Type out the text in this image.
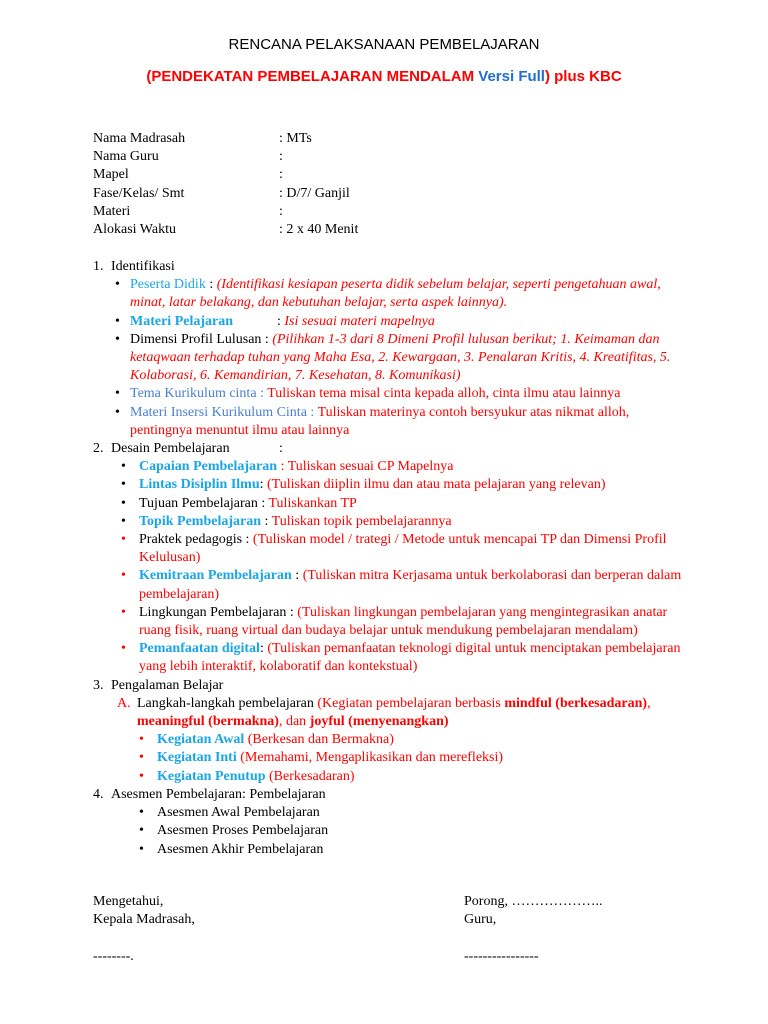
RENCANA PELAKSANAAN PEMBELAJARAN
(PENDEKATAN PEMBELAJARAN MENDALAM Versi Full) plus KBC
Nama Madrasah	: MTs
Nama Guru	:
Mapel	:
Fase/Kelas/ Smt	: D/7/ Ganjil
Materi	:
Alokasi Waktu	: 2 x 40 Menit
1. Identifikasi
• Peserta Didik : (Identifikasi kesiapan peserta didik sebelum belajar, seperti pengetahuan awal, minat, latar belakang, dan kebutuhan belajar, serta aspek lainnya).
• Materi Pelajaran	: Isi sesuai materi mapelnya
• Dimensi Profil Lulusan : (Pilihkan 1-3 dari 8 Dimeni Profil lulusan berikut; 1. Keimaman dan ketaqwaan terhadap tuhan yang Maha Esa, 2. Kewargaan, 3. Penalaran Kritis, 4. Kreatifitas, 5. Kolaborasi, 6. Kemandirian, 7. Kesehatan, 8. Komunikasi)
• Tema Kurikulum cinta : Tuliskan tema misal cinta kepada alloh, cinta ilmu atau lainnya
• Materi Insersi Kurikulum Cinta : Tuliskan materinya contoh bersyukur atas nikmat alloh, pentingnya menuntut ilmu atau lainnya
2. Desain Pembelajaran	:
• Capaian Pembelajaran : Tuliskan sesuai CP Mapelnya
• Lintas Disiplin Ilmu: (Tuliskan diiplin ilmu dan atau mata pelajaran yang relevan)
• Tujuan Pembelajaran : Tuliskankan TP
• Topik Pembelajaran : Tuliskan topik pembelajarannya
• Praktek pedagogis : (Tuliskan model / trategi / Metode untuk mencapai TP dan Dimensi Profil Kelulusan)
• Kemitraan Pembelajaran : (Tuliskan mitra Kerjasama untuk berkolaborasi dan berperan dalam pembelajaran)
• Lingkungan Pembelajaran : (Tuliskan lingkungan pembelajaran yang mengintegrasikan anatar ruang fisik, ruang virtual dan budaya belajar untuk mendukung pembelajaran mendalam)
• Pemanfaatan digital: (Tuliskan pemanfaatan teknologi digital untuk menciptakan pembelajaran yang lebih interaktif, kolaboratif dan kontekstual)
3. Pengalaman Belajar
A. Langkah-langkah pembelajaran (Kegiatan pembelajaran berbasis mindful (berkesadaran), meaningful (bermakna), dan joyful (menyenangkan)
• Kegiatan Awal (Berkesan dan Bermakna)
• Kegiatan Inti (Memahami, Mengaplikasikan dan merefleksi)
• Kegiatan Penutup (Berkesadaran)
4. Asesmen Pembelajaran: Pembelajaran
• Asesmen Awal Pembelajaran
• Asesmen Proses Pembelajaran
• Asesmen Akhir Pembelajaran
Mengetahui,	Porong, ………………..
Kepala Madrasah,	Guru,
--------.	----------------
